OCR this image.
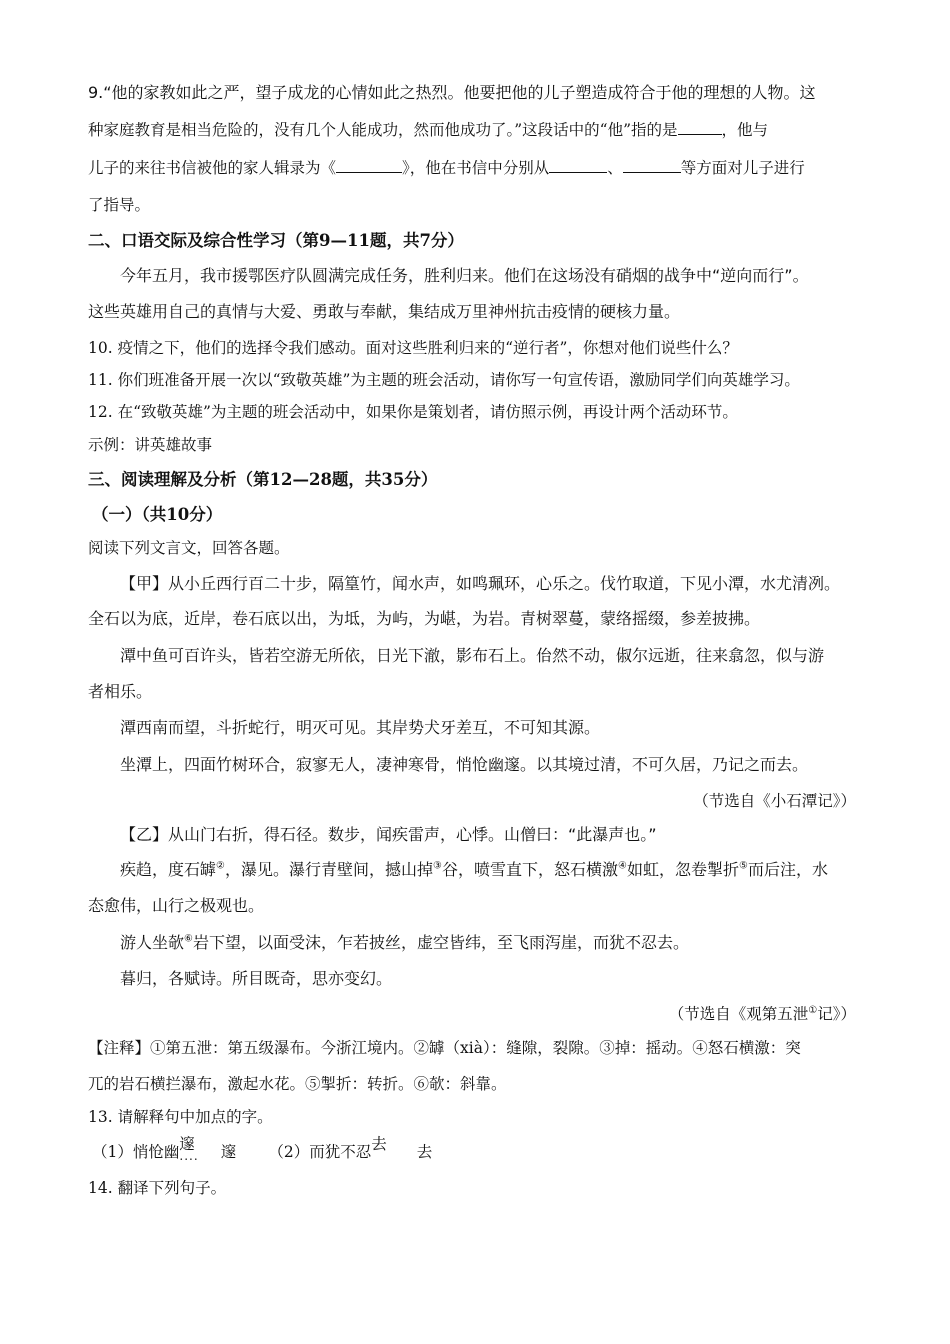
9.“他的家教如此之严，望子成龙的心情如此之热烈。他要把他的儿子塑造成符合于他的理想的人物。这
种家庭教育是相当危险的，没有几个人能成功，然而他成功了。”这段话中的“他”指的是	，他与
儿子的来往书信被他的家人辑录为《	》，他在书信中分别从	、	等方面对儿子进行
了指导。
二、口语交际及综合性学习（第9—11题，共7分）
今年五月，我市援鄂医疗队圆满完成任务，胜利归来。他们在这场没有硝烟的战争中“逆向而行”。
这些英雄用自己的真情与大爱、勇敢与奉献，集结成万里神州抗击疫情的硬核力量。
10. 疫情之下，他们的选择令我们感动。面对这些胜利归来的“逆行者”，你想对他们说些什么？
11. 你们班准备开展一次以“致敬英雄”为主题的班会活动，请你写一句宣传语，激励同学们向英雄学习。
12. 在“致敬英雄”为主题的班会活动中，如果你是策划者，请仿照示例，再设计两个活动环节。
示例：讲英雄故事
三、阅读理解及分析（第12—28题，共35分）
（一）（共10分）
阅读下列文言文，回答各题。
【甲】从小丘西行百二十步，隔篁竹，闻水声，如鸣珮环，心乐之。伐竹取道，下见小潭，水尤清冽。
全石以为底，近岸，卷石底以出，为坻，为屿，为嵁，为岩。青树翠蔓，蒙络摇缀，参差披拂。
潭中鱼可百许头，皆若空游无所依，日光下澈，影布石上。佁然不动，俶尔远逝，往来翕忽，似与游
者相乐。
潭西南而望，斗折蛇行，明灭可见。其岸势犬牙差互，不可知其源。
坐潭上，四面竹树环合，寂寥无人，凄神寒骨，悄怆幽邃。以其境过清，不可久居，乃记之而去。
（节选自《小石潭记》）
【乙】从山门右折，得石径。数步，闻疾雷声，心悸。山僧曰：“此瀑声也。”
疾趋，度石罅②，瀑见。瀑行青壁间，撼山掉③谷，喷雪直下，怒石横激④如虹，忽卷掣折⑤而后注，水
态愈伟，山行之极观也。
游人坐欹⑥岩下望，以面受沫，乍若披丝，虚空皆纬，至飞雨泻崖，而犹不忍去。
暮归，各赋诗。所目既奇，思亦变幻。
（节选自《观第五泄①记》）
【注释】①第五泄：第五级瀑布。今浙江境内。②罅（xià）：缝隙，裂隙。③掉：摇动。④怒石横激：突
兀的岩石横拦瀑布，激起水花。⑤掣折：转折。⑥欹：斜靠。
13. 请解释句中加点的字。
（1）悄怆幽邃 .... 邃 （2）而犹不忍去 去
14. 翻译下列句子。
